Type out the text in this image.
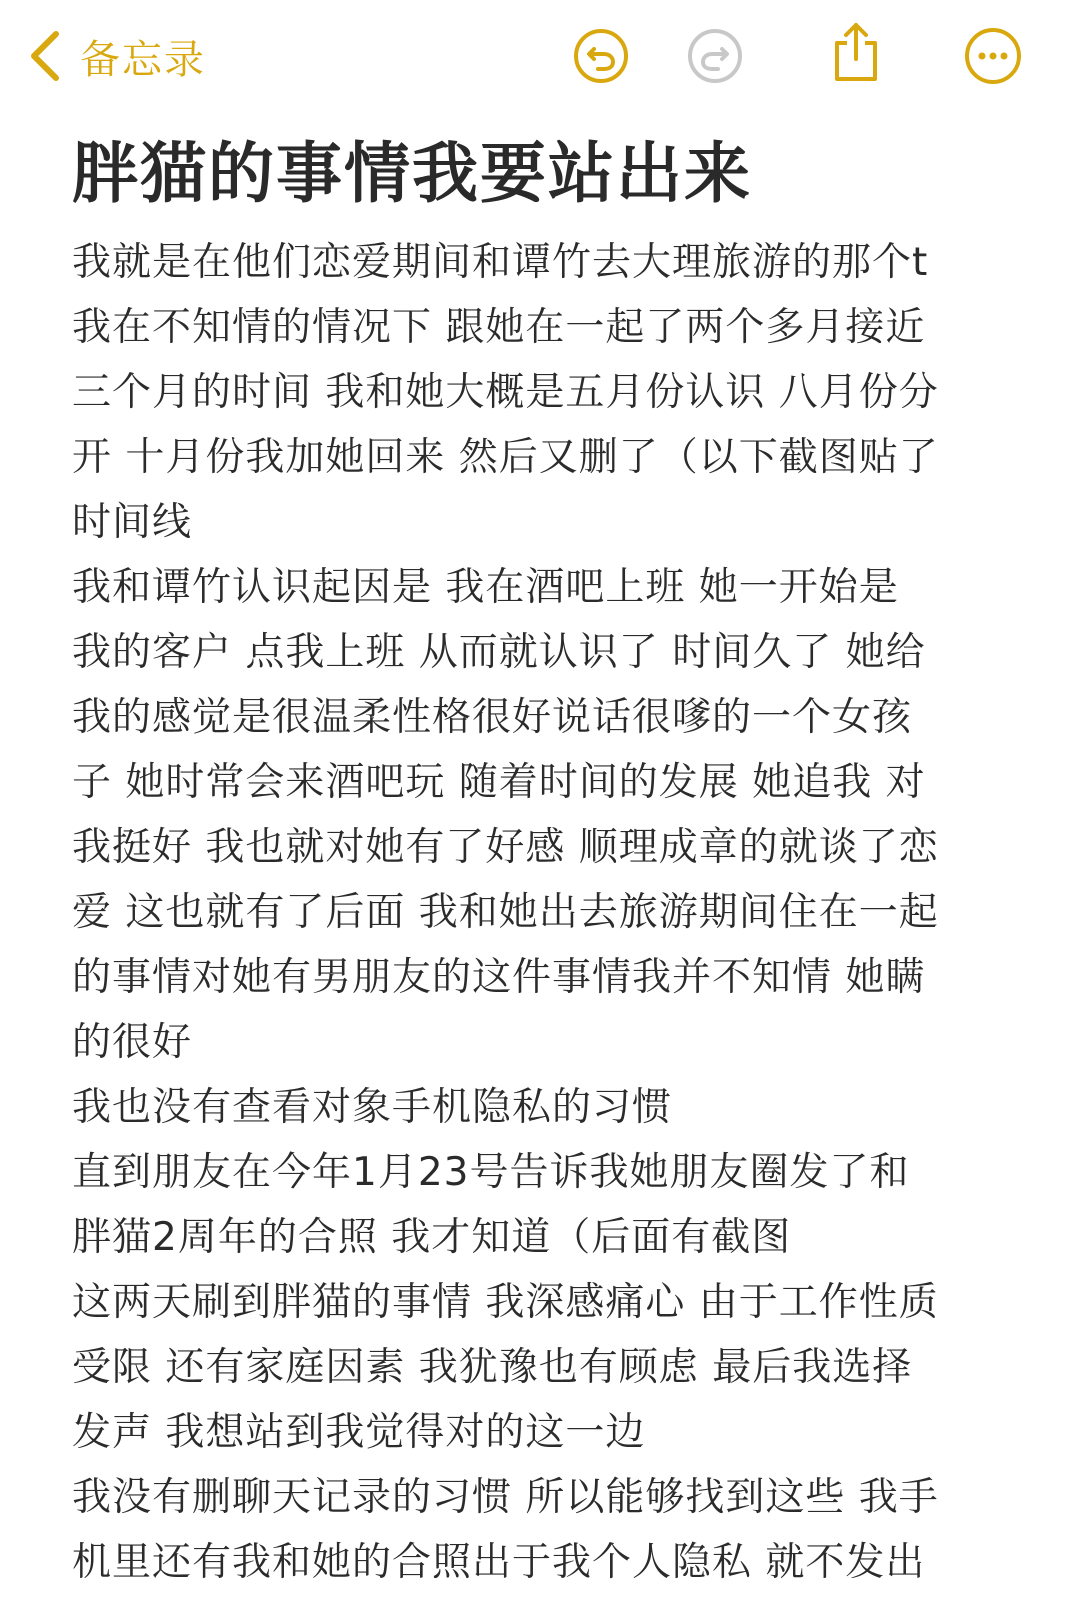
备忘录
胖猫的事情我要站出来
我就是在他们恋爱期间和谭竹去大理旅游的那个t
我在不知情的情况下 跟她在一起了两个多月接近
三个月的时间 我和她大概是五月份认识 八月份分
开 十月份我加她回来 然后又删了（以下截图贴了
时间线
我和谭竹认识起因是 我在酒吧上班 她一开始是
我的客户 点我上班 从而就认识了 时间久了 她给
我的感觉是很温柔性格很好说话很嗲的一个女孩
子 她时常会来酒吧玩 随着时间的发展 她追我 对
我挺好 我也就对她有了好感 顺理成章的就谈了恋
爱 这也就有了后面 我和她出去旅游期间住在一起
的事情对她有男朋友的这件事情我并不知情 她瞒
的很好
我也没有查看对象手机隐私的习惯
直到朋友在今年1月23号告诉我她朋友圈发了和
胖猫2周年的合照 我才知道（后面有截图
这两天刷到胖猫的事情 我深感痛心 由于工作性质
受限 还有家庭因素 我犹豫也有顾虑 最后我选择
发声 我想站到我觉得对的这一边
我没有删聊天记录的习惯 所以能够找到这些 我手
机里还有我和她的合照出于我个人隐私 就不发出
